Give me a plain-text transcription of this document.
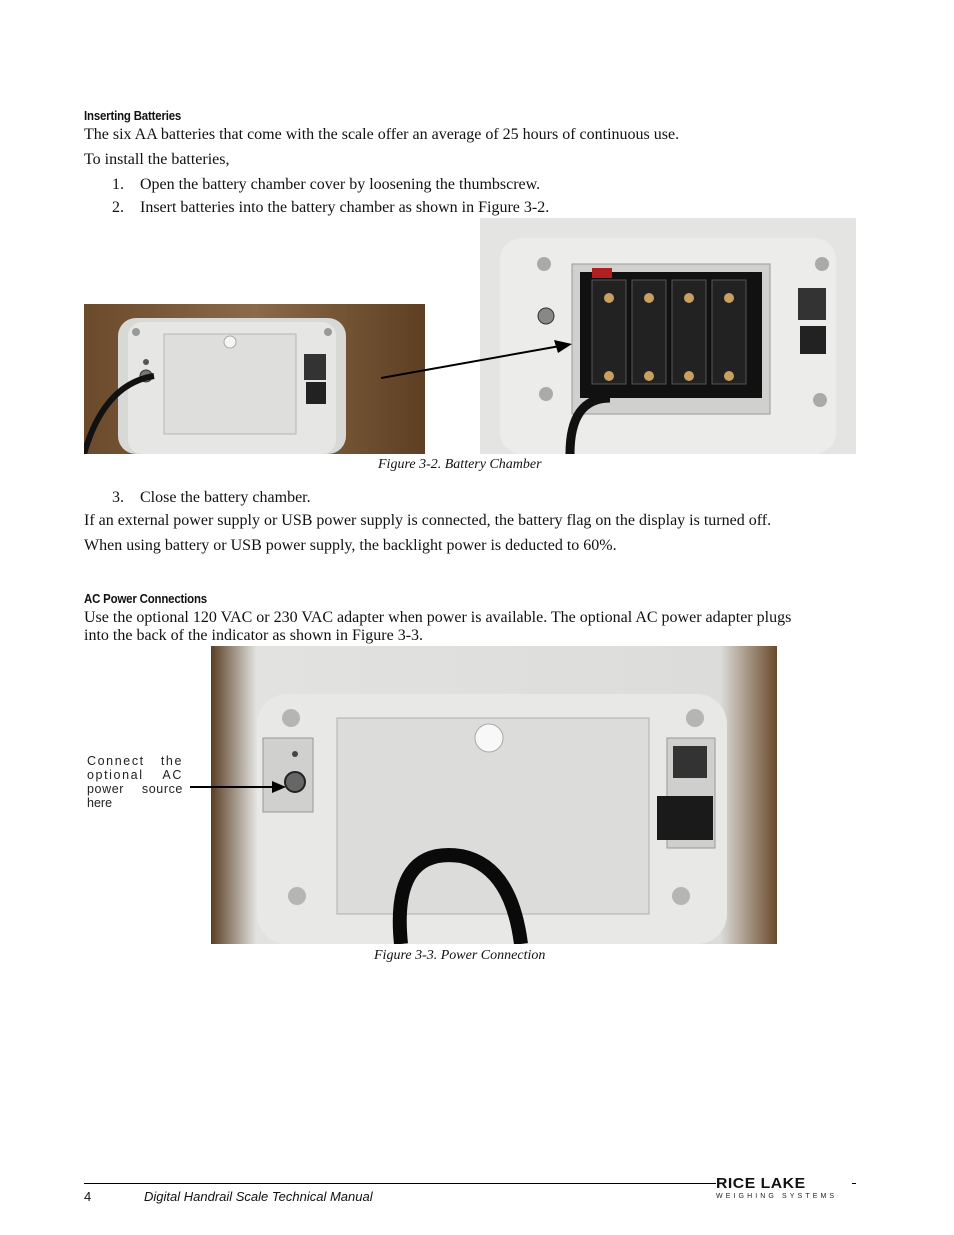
Inserting Batteries
The six AA batteries that come with the scale offer an average of 25 hours of continuous use.
To install the batteries,
1. Open the battery chamber cover by loosening the thumbscrew.
2. Insert batteries into the battery chamber as shown in Figure 3-2.
Figure 3-2. Battery Chamber
3. Close the battery chamber.
If an external power supply or USB power supply is connected, the battery flag on the display is turned off.
When using battery or USB power supply, the backlight power is deducted to 60%.
AC Power Connections
Use the optional 120 VAC or 230 VAC adapter when power is available. The optional AC power adapter plugs
into the back of the indicator as shown in Figure 3-3.
Connect the
optional AC
power source
here
Figure 3-3. Power Connection
4	Digital Handrail Scale Technical Manual
RICE LAKE
WEIGHING SYSTEMS
